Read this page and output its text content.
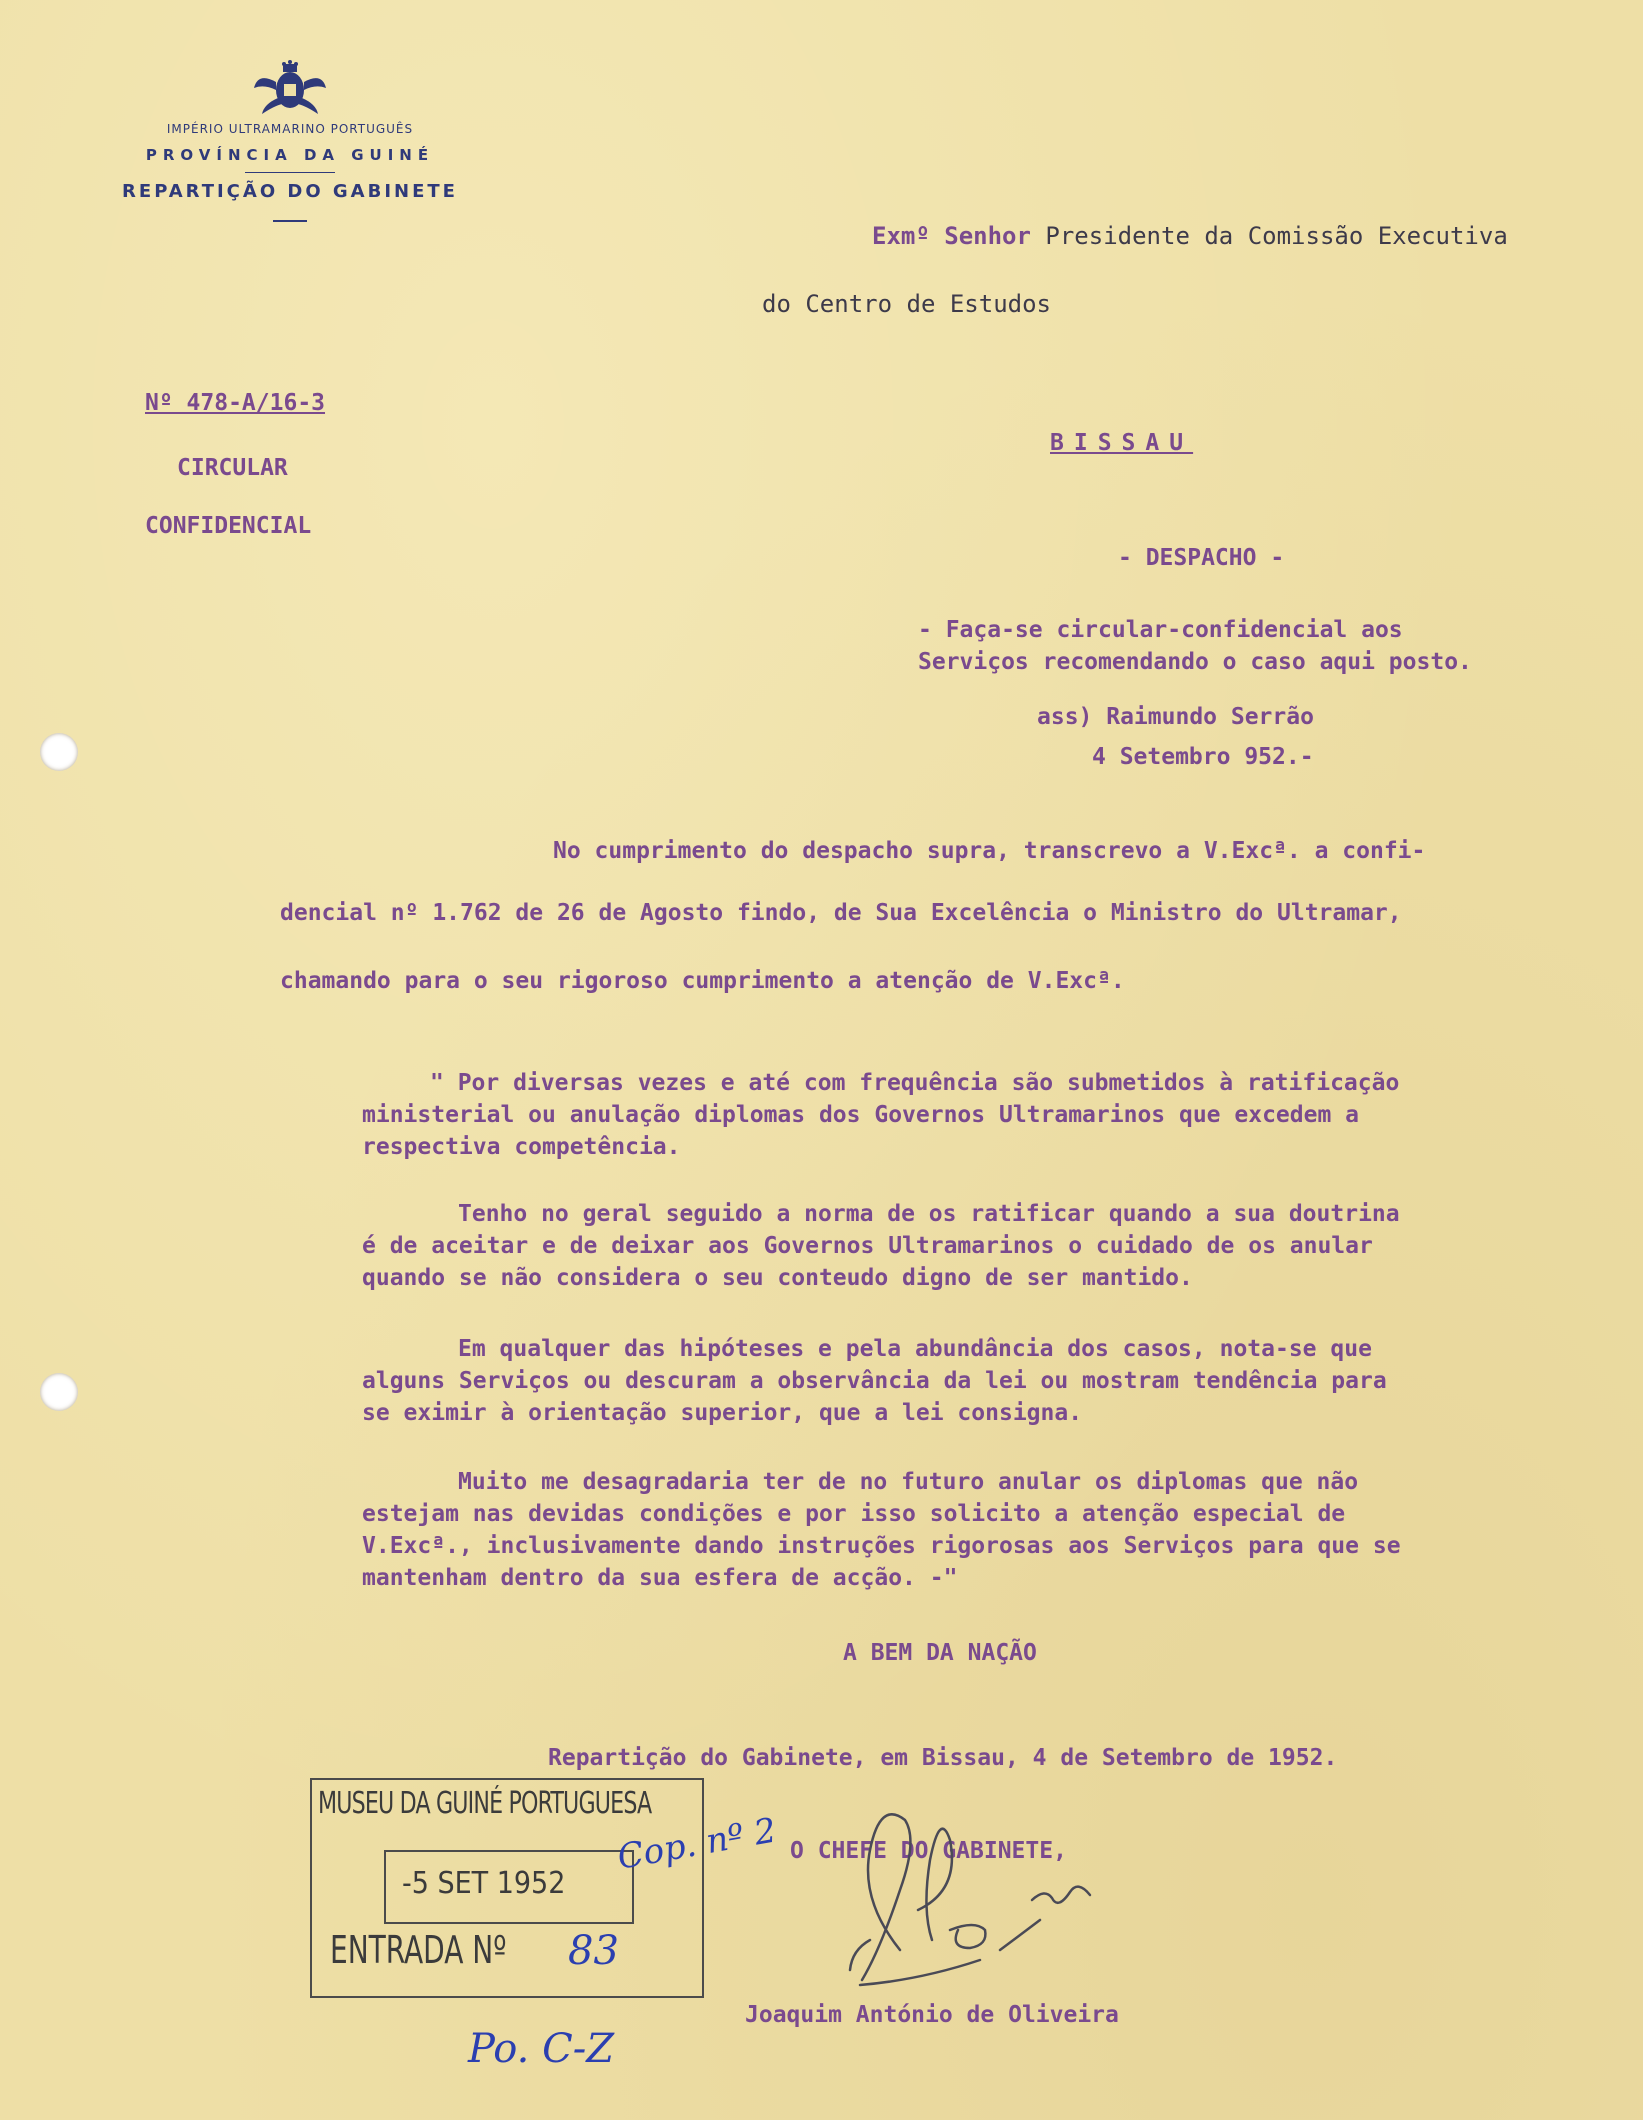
IMPÉRIO ULTRAMARINO PORTUGUÊS
PROVÍNCIA DA GUINÉ
REPARTIÇÃO DO GABINETE
Exmº Senhor Presidente da Comissão Executiva
do Centro de Estudos
BISSAU
Nº 478-A/16-3
CIRCULAR
CONFIDENCIAL
- DESPACHO -
- Faça-se circular-confidencial aos
Serviços recomendando o caso aqui posto.
ass) Raimundo Serrão
4 Setembro 952.-
No cumprimento do despacho supra, transcrevo a V.Excª. a confi-
dencial nº 1.762 de 26 de Agosto findo, de Sua Excelência o Ministro do Ultramar,
chamando para o seu rigoroso cumprimento a atenção de V.Excª.
" Por diversas vezes e até com frequência são submetidos à ratificação
ministerial ou anulação diplomas dos Governos Ultramarinos que excedem a
respectiva competência.
Tenho no geral seguido a norma de os ratificar quando a sua doutrina
é de aceitar e de deixar aos Governos Ultramarinos o cuidado de os anular
quando se não considera o seu conteudo digno de ser mantido.
Em qualquer das hipóteses e pela abundância dos casos, nota-se que
alguns Serviços ou descuram a observância da lei ou mostram tendência para
se eximir à orientação superior, que a lei consigna.
Muito me desagradaria ter de no futuro anular os diplomas que não
estejam nas devidas condições e por isso solicito a atenção especial de
V.Excª., inclusivamente dando instruções rigorosas aos Serviços para que se
mantenham dentro da sua esfera de acção. -"
A BEM DA NAÇÃO
Repartição do Gabinete, em Bissau, 4 de Setembro de 1952.
O CHEFE DO GABINETE,
Joaquim António de Oliveira
MUSEU DA GUINÉ PORTUGUESA
-5 SET 1952
ENTRADA Nº
Cop. nº 2
83
Po. C-Z
